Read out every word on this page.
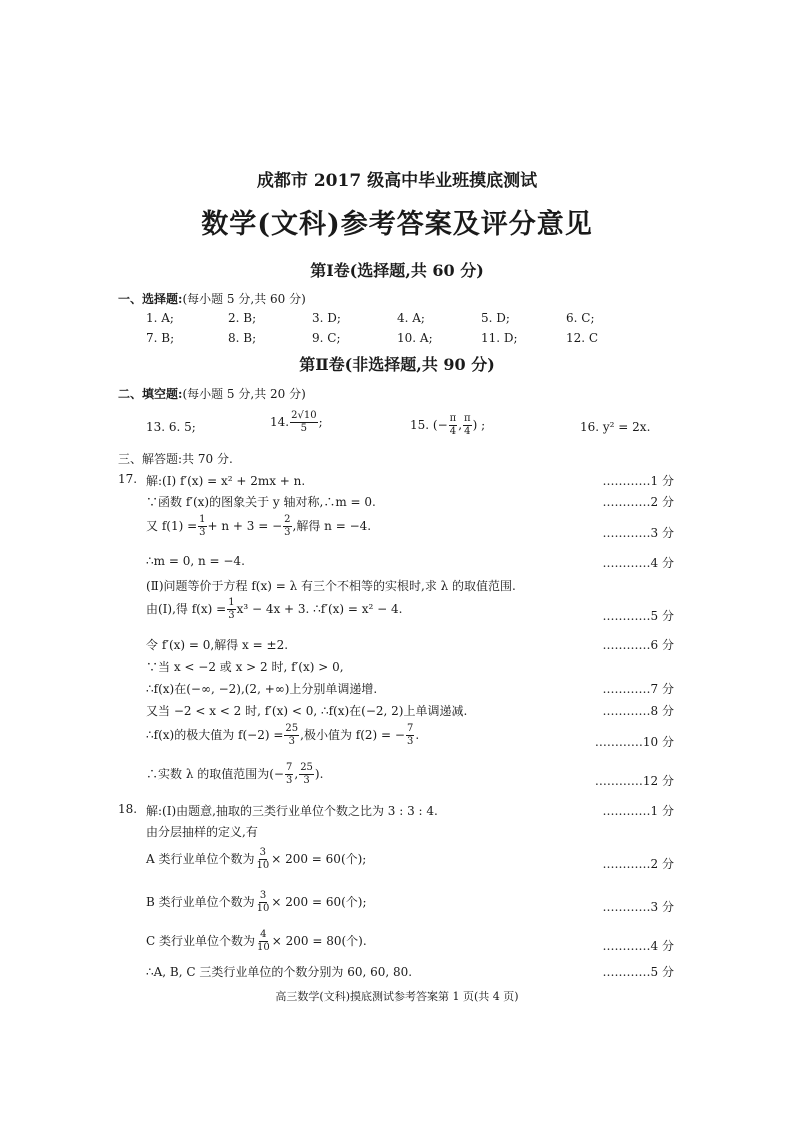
成都市 2017 级高中毕业班摸底测试
数学(文科)参考答案及评分意见
第Ⅰ卷(选择题,共 60 分)
一、选择题:(每小题 5 分,共 60 分)
1. A;	2. B;	3. D;	4. A;	5. D;	6. C;
7. B;	8. B;	9. C;	10. A;	11. D;	12. C
第Ⅱ卷(非选择题,共 90 分)
二、填空题:(每小题 5 分,共 20 分)
13. 6. 5;	14. $\frac{2√10}{5}$ ;	15. (− $\frac{\pi}{4}$ , $\frac{\pi}{4}$ ) ;	16. y² = 2x.
三、解答题:共 70 分.
17. 解:(Ⅰ) f′(x) = x² + 2mx + n.	…………1 分
∵函数 f′(x)的图象关于 y 轴对称,∴m = 0.	…………2 分
又 $f(1) = \frac{1}{3} + n + 3$ = − $\frac{2}{3}$ ,解得 n = −4.	…………3 分
∴m = 0, n = −4.	…………4 分
(Ⅱ)问题等价于方程 f(x) = λ 有三个不相等的实根时,求 λ 的取值范围.
由(Ⅰ),得 $f(x) = \frac{1}{3} x^3 - 4x + 3$. ∴f′(x) = x² − 4.	…………5 分
令 f′(x) = 0,解得 x = ±2.	…………6 分
∵当 x < −2 或 x > 2 时, f′(x) > 0,
∴f(x)在(−∞, −2),(2, +∞)上分别单调递增.	…………7 分
又当 −2 < x < 2 时, f′(x) < 0, ∴f(x)在(−2, 2)上单调递减.	…………8 分
∴f(x)的极大值为 $f(-2) = \frac{25}{3}$ ,极小值为 f(2) = − $\frac{7}{3}$ .	…………10 分
∴实数 λ 的取值范围为(− $\frac{7}{3}$ , $\frac{25}{3}$ ).	…………12 分
18. 解:(Ⅰ)由题意,抽取的三类行业单位个数之比为 3 : 3 : 4.	…………1 分
由分层抽样的定义,有
A 类行业单位个数为 $\frac{3}{10} \times 200 = 60$(个);	…………2 分
B 类行业单位个数为 $\frac{3}{10} \times 200 = 60$(个);	…………3 分
C 类行业单位个数为 $\frac{4}{10} \times 200 = 80$(个).	…………4 分
∴A, B, C 三类行业单位的个数分别为 60, 60, 80.	…………5 分
高三数学(文科)摸底测试参考答案第 1 页(共 4 页)
